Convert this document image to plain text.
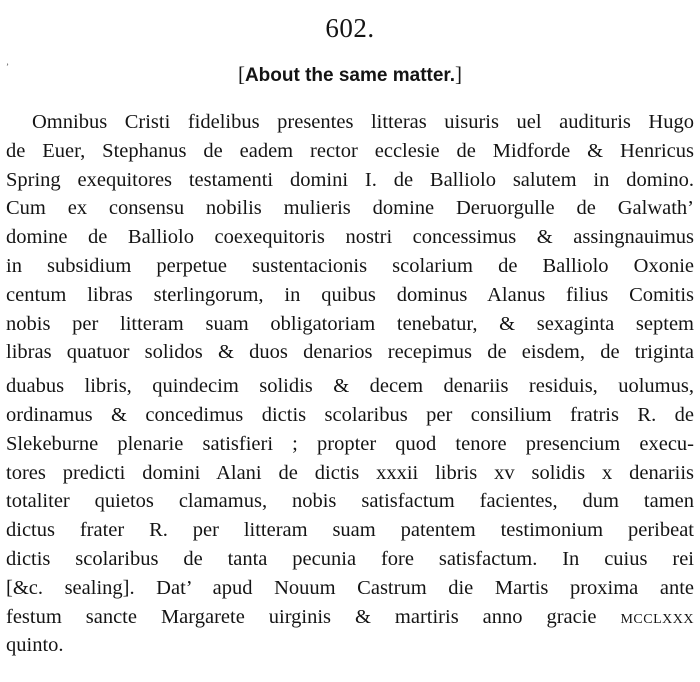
602.
ʼ	[About the same matter.]
Omnibus Cristi fidelibus presentes litteras uisuris uel audituris Hugo
de Euer, Stephanus de eadem rector ecclesie de Midforde & Henricus
Spring exequitores testamenti domini I. de Balliolo salutem in domino.
Cum ex consensu nobilis mulieris domine Deruorgulle de Galwath’
domine de Balliolo coexequitoris nostri concessimus & assingnauimus
in subsidium perpetue sustentacionis scolarium de Balliolo Oxonie
centum libras sterlingorum, in quibus dominus Alanus filius Comitis
nobis per litteram suam obligatoriam tenebatur, & sexaginta septem
libras quatuor solidos & duos denarios recepimus de eisdem, de triginta
duabus libris, quindecim solidis & decem denariis residuis, uolumus,
ordinamus & concedimus dictis scolaribus per consilium fratris R. de
Slekeburne plenarie satisfieri ; propter quod tenore presencium execu-
tores predicti domini Alani de dictis xxxii libris xv solidis x denariis
totaliter quietos clamamus, nobis satisfactum facientes, dum tamen
dictus frater R. per litteram suam patentem testimonium peribeat
dictis scolaribus de tanta pecunia fore satisfactum. In cuius rei
[&c. sealing]. Dat’ apud Nouum Castrum die Martis proxima ante
festum sancte Margarete uirginis & martiris anno gracie mcclxxx
quinto.
